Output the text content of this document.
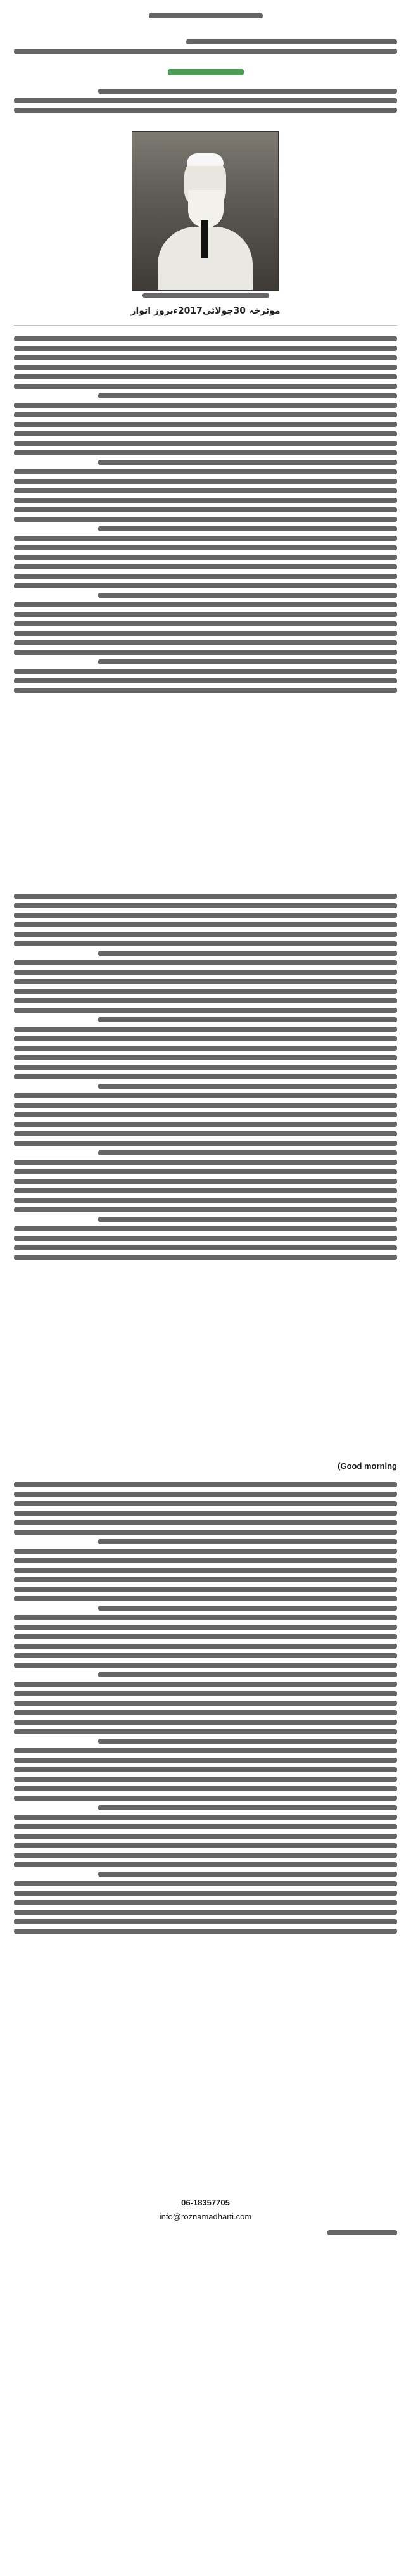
موئرخہ 30جولائی2017ءبروز اتوار
(Good morning
06-18357705
info@roznamadharti.com
